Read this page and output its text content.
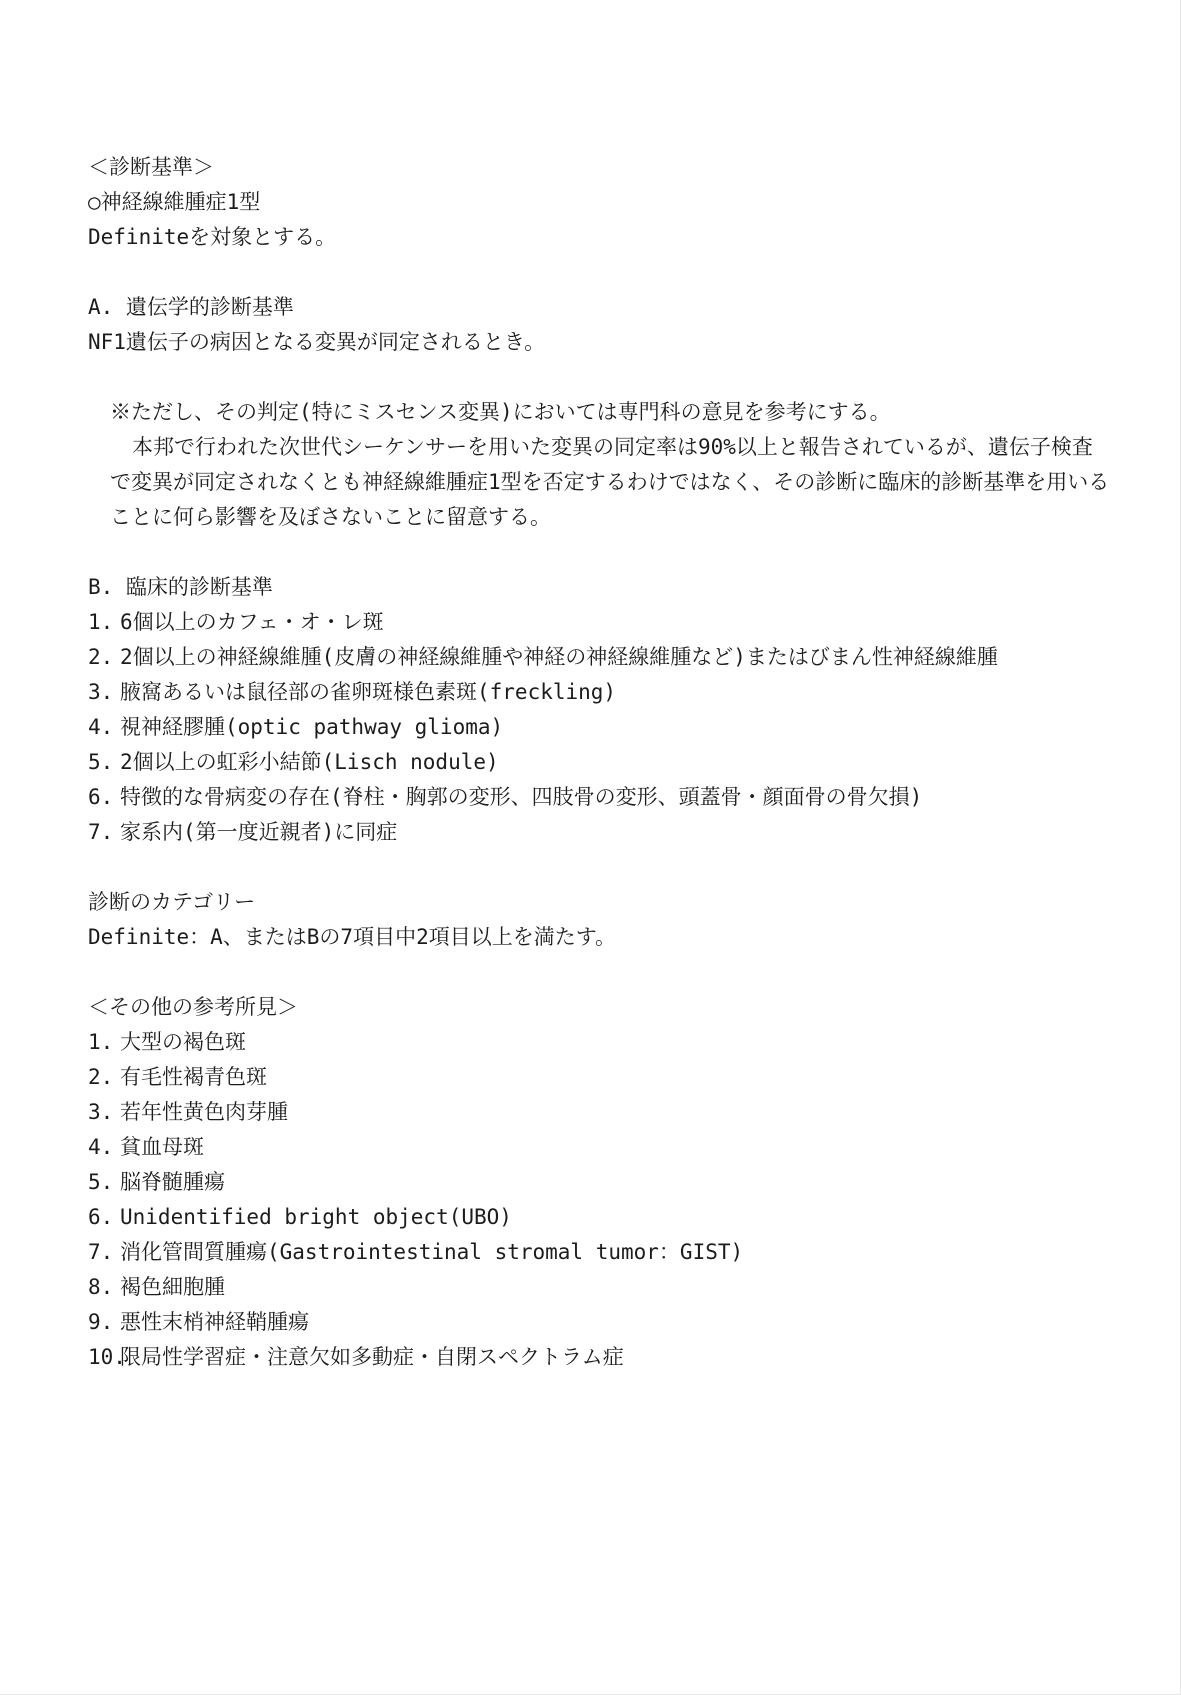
＜診断基準＞
○神経線維腫症1型
Definiteを対象とする。
A. 遺伝学的診断基準
NF1遺伝子の病因となる変異が同定されるとき。
※ただし、その判定(特にミスセンス変異)においては専門科の意見を参考にする。
本邦で行われた次世代シーケンサーを用いた変異の同定率は90%以上と報告されているが、遺伝子検査で変異が同定されなくとも神経線維腫症1型を否定するわけではなく、その診断に臨床的診断基準を用いることに何ら影響を及ぼさないことに留意する。
B. 臨床的診断基準
1. 6個以上のカフェ・オ・レ斑
2. 2個以上の神経線維腫(皮膚の神経線維腫や神経の神経線維腫など)またはびまん性神経線維腫
3. 腋窩あるいは鼠径部の雀卵斑様色素斑(freckling)
4. 視神経膠腫(optic pathway glioma)
5. 2個以上の虹彩小結節(Lisch nodule)
6. 特徴的な骨病変の存在(脊柱・胸郭の変形、四肢骨の変形、頭蓋骨・顔面骨の骨欠損)
7. 家系内(第一度近親者)に同症
診断のカテゴリー
Definite：A、またはBの7項目中2項目以上を満たす。
＜その他の参考所見＞
1. 大型の褐色斑
2. 有毛性褐青色斑
3. 若年性黄色肉芽腫
4. 貧血母斑
5. 脳脊髄腫瘍
6. Unidentified bright object(UBO)
7. 消化管間質腫瘍(Gastrointestinal stromal tumor：GIST)
8. 褐色細胞腫
9. 悪性末梢神経鞘腫瘍
10.
限局性学習症・注意欠如多動症・自閉スペクトラム症
